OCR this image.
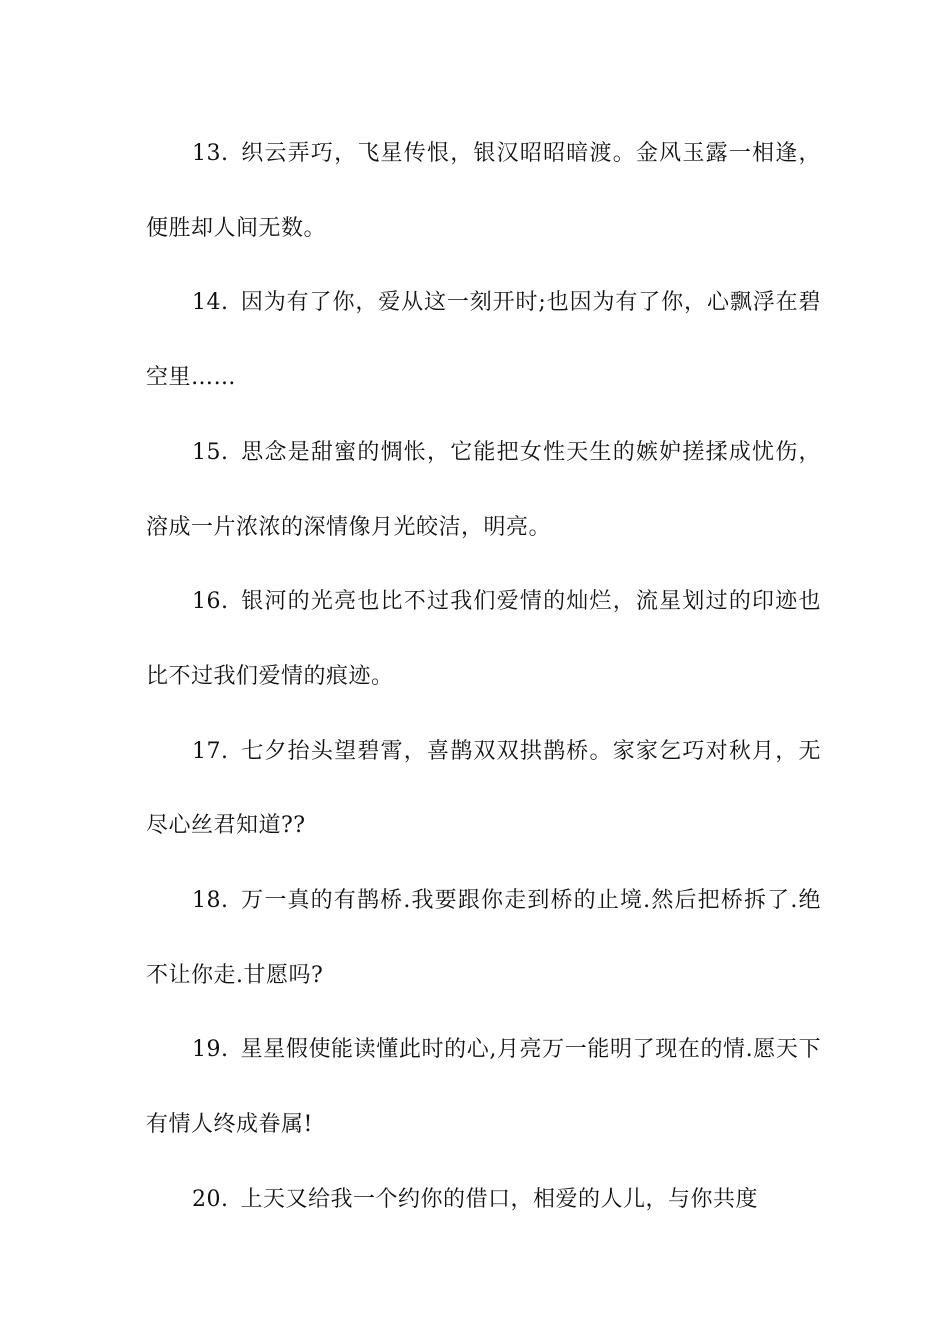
13. 织云弄巧，飞星传恨，银汉昭昭暗渡。金风玉露一相逢，便胜却人间无数。

14. 因为有了你，爱从这一刻开时;也因为有了你，心飘浮在碧空里……

15. 思念是甜蜜的惆怅，它能把女性天生的嫉妒搓揉成忧伤，溶成一片浓浓的深情像月光皎洁，明亮。

16. 银河的光亮也比不过我们爱情的灿烂，流星划过的印迹也比不过我们爱情的痕迹。

17. 七夕抬头望碧霄，喜鹊双双拱鹊桥。家家乞巧对秋月，无尽心丝君知道??

18. 万一真的有鹊桥.我要跟你走到桥的止境.然后把桥拆了.绝不让你走.甘愿吗?

19. 星星假使能读懂此时的心,月亮万一能明了现在的情.愿天下有情人终成眷属!

20. 上天又给我一个约你的借口，相爱的人儿，与你共度
